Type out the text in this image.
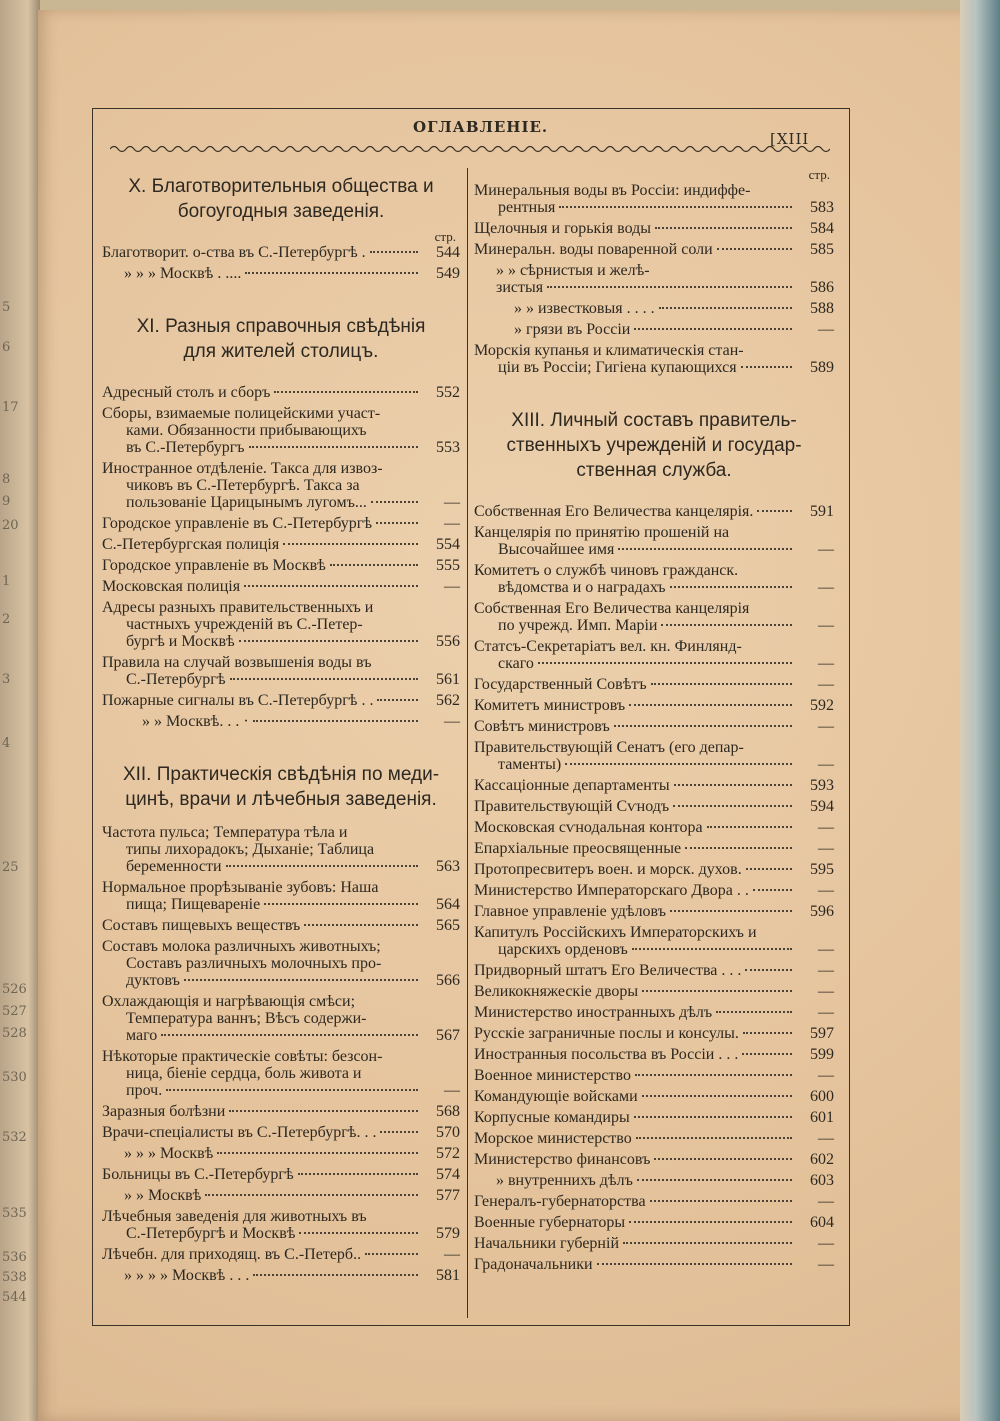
5
6
17
8
9
20
1
2
3
4
25
526
527
528
530
532
535
536
538
544
ОГЛАВЛЕНІЕ.
[XIII
X. Благотворительныя общества и
богоугодныя заведенія.
стр.
Благотворит. о-ства въ С.-Петербургѣ .	544
» » » Москвѣ . ....	549
XI. Разныя справочныя свѣдѣнія
для жителей столицъ.
Адресный столъ и сборъ	552
Сборы, взимаемые полицейскими участ-
ками. Обязанности прибывающихъ
въ С.-Петербургъ	553
Иностранное отдѣленіе. Такса для извоз-
чиковъ въ С.-Петербургѣ. Такса за
пользованіе Царицынымъ лугомъ...	—
Городское управленіе въ С.-Петербургѣ	—
С.-Петербургская полиція	554
Городское управленіе въ Москвѣ	555
Московская полиція	—
Адресы разныхъ правительственныхъ и
частныхъ учрежденій въ С.-Петер-
бургѣ и Москвѣ	556
Правила на случай возвышенія воды въ
С.-Петербургѣ	561
Пожарные сигналы въ С.-Петербургѣ . .	562
» » Москвѣ. . . ·	—
XII. Практическія свѣдѣнія по меди-
цинѣ, врачи и лѣчебныя заведенія.
Частота пульса; Температура тѣла и
типы лихорадокъ; Дыханіе; Таблица
беременности	563
Нормальное прорѣзываніе зубовъ: Наша
пища; Пищевареніе	564
Составъ пищевыхъ веществъ	565
Составъ молока различныхъ животныхъ;
Составъ различныхъ молочныхъ про-
дуктовъ	566
Охлаждающія и нагрѣвающія смѣси;
Температура ваннъ; Вѣсъ содержи-
маго	567
Нѣкоторые практическіе совѣты: безсон-
ница, біеніе сердца, боль живота и
проч.	—
Заразныя болѣзни	568
Врачи-спеціалисты въ С.-Петербургѣ. . .	570
» » » Москвѣ	572
Больницы въ С.-Петербургѣ	574
» » Москвѣ	577
Лѣчебныя заведенія для животныхъ въ
С.-Петербургѣ и Москвѣ	579
Лѣчебн. для приходящ. въ С.-Петерб..	—
» » » » Москвѣ . . .	581
стр.
Минеральныя воды въ Россіи: индиффе-
рентныя	583
Щелочныя и горькія воды	584
Минеральн. воды поваренной соли	585
» » сѣрнистыя и желѣ-
зистыя	586
» » известковыя . . . .	588
» грязи въ Россіи	—
Морскія купанья и климатическія стан-
ціи въ Россіи; Гигіена купающихся	589
XIII. Личный составъ правитель-
ственныхъ учрежденій и государ-
ственная служба.
Собственная Его Величества канцелярія.	591
Канцелярія по принятію прошеній на
Высочайшее имя	—
Комитетъ о службѣ чиновъ гражданск.
вѣдомства и о наградахъ	—
Собственная Его Величества канцелярія
по учрежд. Имп. Маріи	—
Статсъ-Секретаріатъ вел. кн. Финлянд-
скаго	—
Государственный Совѣтъ	—
Комитетъ министровъ	592
Совѣтъ министровъ	—
Правительствующій Сенатъ (его депар-
таменты)	—
Кассаціонные департаменты	593
Правительствующій Сѵнодъ	594
Московская сѵнодальная контора	—
Епархіальные преосвященные	—
Протопресвитеръ воен. и морск. духов.	595
Министерство Императорскаго Двора . .	—
Главное управленіе удѣловъ	596
Капитулъ Россійскихъ Императорскихъ и
царскихъ орденовъ	—
Придворный штатъ Его Величества . . .	—
Великокняжескіе дворы	—
Министерство иностранныхъ дѣлъ	—
Русскіе заграничные послы и консулы.	597
Иностранныя посольства въ Россіи . . .	599
Военное министерство	—
Командующіе войсками	600
Корпусные командиры	601
Морское министерство	—
Министерство финансовъ	602
» внутреннихъ дѣлъ	603
Генералъ-губернаторства	—
Военные губернаторы	604
Начальники губерній	—
Градоначальники	—
